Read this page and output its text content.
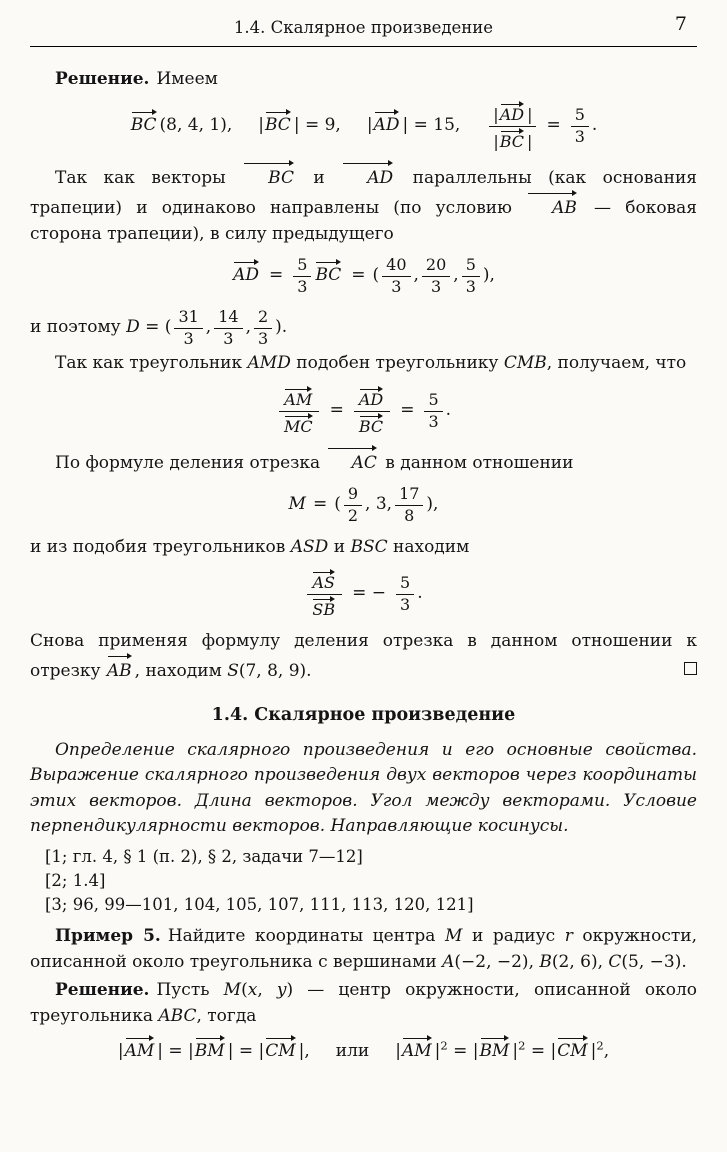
1.4. Скалярное произведение	7

Решение. Имеем

BC (8, 4, 1), |BC | = 9, |AD | = 15, $\frac{|AD |}{|BC |} = \frac{5}{3}$ .

Так как векторы BC и AD параллельны (как основания трапеции) и одинаково направлены (по условию AB — боковая сторона трапеции), в силу предыдущего

AD = $\frac{5}{3}$ BC = ( $\frac{40}{3}$ , $\frac{20}{3}$ , $\frac{5}{3}$ ),

и поэтому D = ( $\frac{31}{3}$ , $\frac{14}{3}$ , $\frac{2}{3}$ ).

Так как треугольник AMD подобен треугольнику CMB, получаем, что

$\frac{AM}{MC} = \frac{AD}{BC} = \frac{5}{3}$ .

По формуле деления отрезка AC в данном отношении

M = ( $\frac{9}{2}$ , 3, $\frac{17}{8}$ ),

и из подобия треугольников ASD и BSC находим

$\frac{AS}{SB}$ = − $\frac{5}{3}$ .

Снова применяя формулу деления отрезка в данном отношении к отрезку AB , находим S(7, 8, 9).

1.4. Скалярное произведение

Определение скалярного произведения и его основные свойства. Выражение скалярного произведения двух векторов через координаты этих векторов. Длина векторов. Угол между векторами. Условие перпендикулярности векторов. Направляющие косинусы.

[1; гл. 4, § 1 (п. 2), § 2, задачи 7—12]
[2; 1.4]
[3; 96, 99—101, 104, 105, 107, 111, 113, 120, 121]

Пример 5. Найдите координаты центра M и радиус r окружности, описанной около треугольника с вершинами A(−2, −2), B(2, 6), C(5, −3).

Решение. Пусть M(x, y) — центр окружности, описанной около треугольника ABC, тогда

|AM | = |BM | = |CM |, или |AM $|^2 = |BM$ $|^2 = |CM$ $|^2$,
